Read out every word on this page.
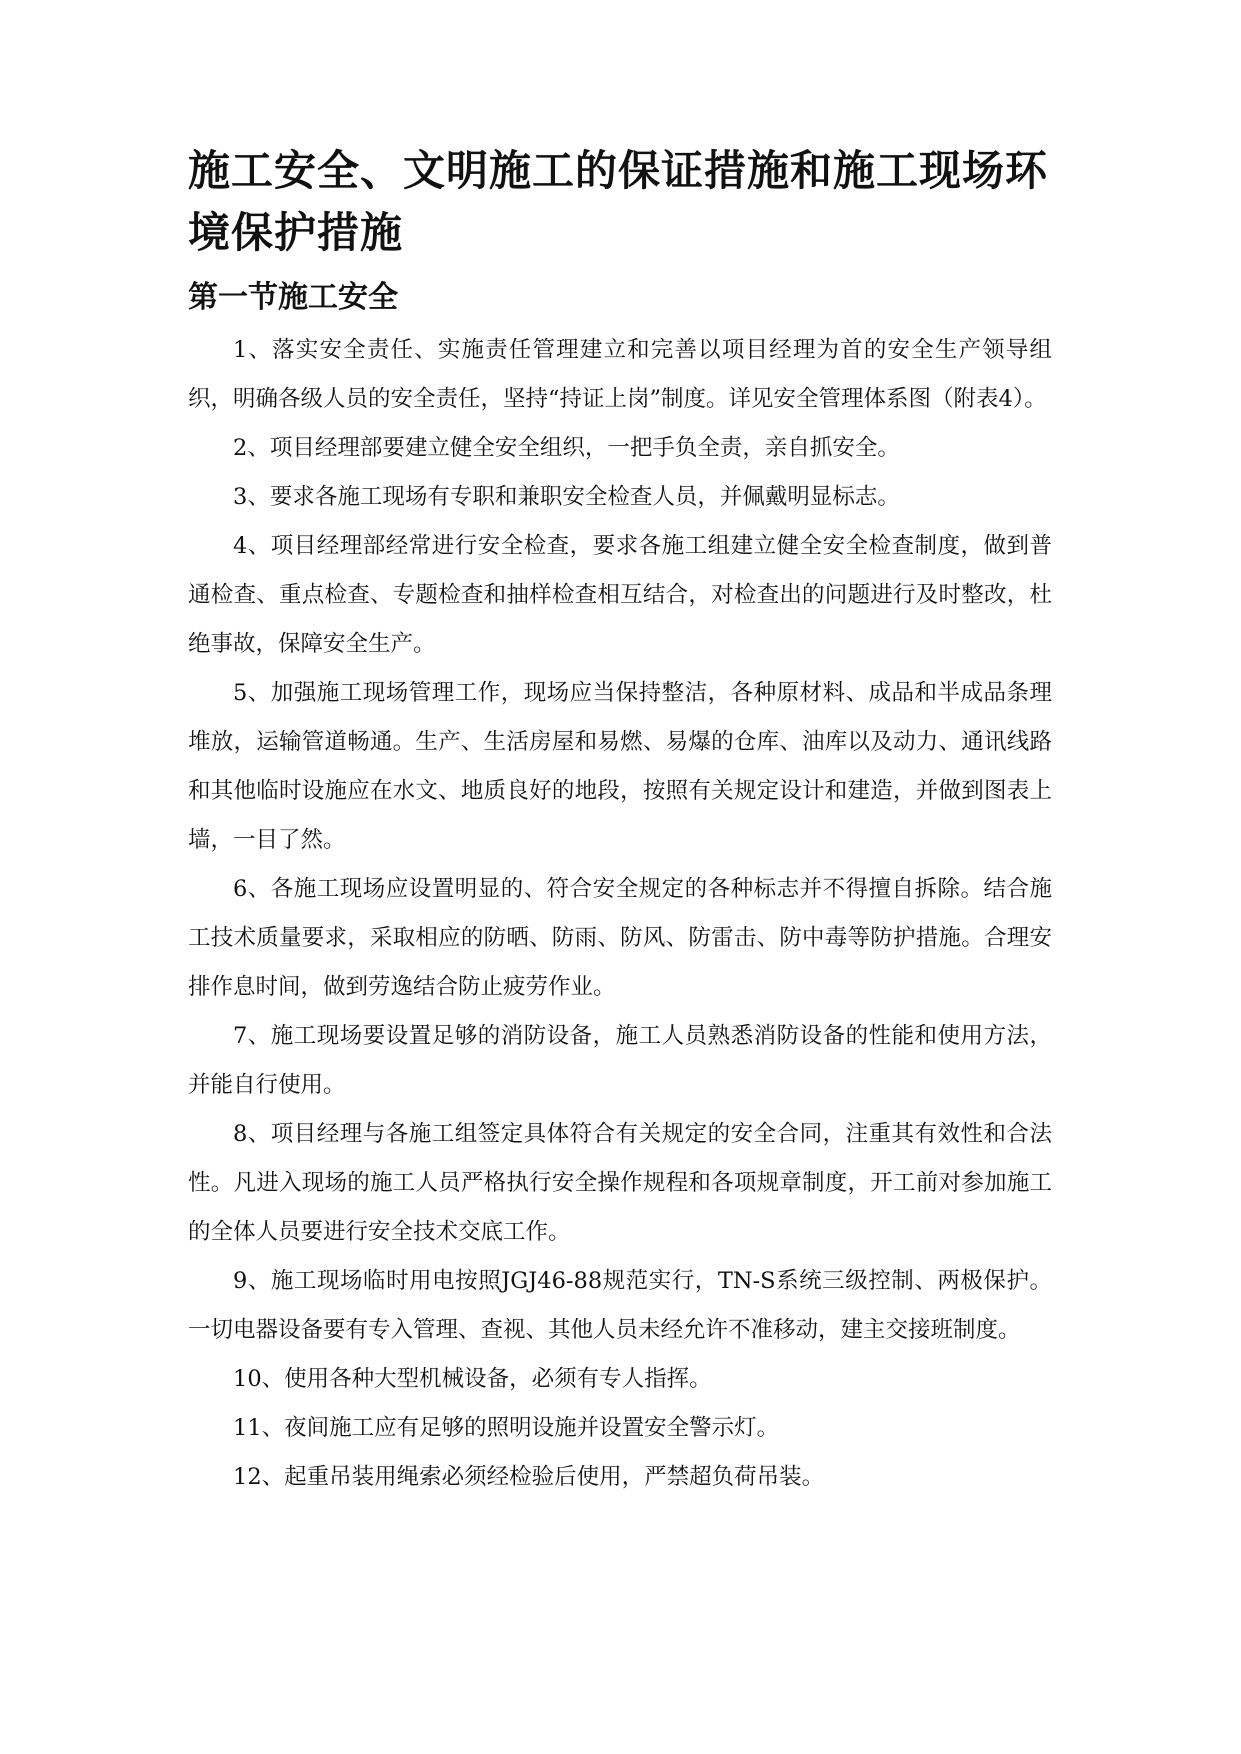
施工安全、文明施工的保证措施和施工现场环境保护措施
第一节施工安全

1、落实安全责任、实施责任管理建立和完善以项目经理为首的安全生产领导组织，明确各级人员的安全责任，坚持“持证上岗”制度。详见安全管理体系图（附表4）。

2、项目经理部要建立健全安全组织，一把手负全责，亲自抓安全。

3、要求各施工现场有专职和兼职安全检查人员，并佩戴明显标志。

4、项目经理部经常进行安全检查，要求各施工组建立健全安全检查制度，做到普通检查、重点检查、专题检查和抽样检查相互结合，对检查出的问题进行及时整改，杜绝事故，保障安全生产。

5、加强施工现场管理工作，现场应当保持整洁，各种原材料、成品和半成品条理堆放，运输管道畅通。生产、生活房屋和易燃、易爆的仓库、油库以及动力、通讯线路和其他临时设施应在水文、地质良好的地段，按照有关规定设计和建造，并做到图表上墙，一目了然。

6、各施工现场应设置明显的、符合安全规定的各种标志并不得擅自拆除。结合施工技术质量要求，采取相应的防晒、防雨、防风、防雷击、防中毒等防护措施。合理安排作息时间，做到劳逸结合防止疲劳作业。

7、施工现场要设置足够的消防设备，施工人员熟悉消防设备的性能和使用方法，并能自行使用。

8、项目经理与各施工组签定具体符合有关规定的安全合同，注重其有效性和合法性。凡进入现场的施工人员严格执行安全操作规程和各项规章制度，开工前对参加施工的全体人员要进行安全技术交底工作。

9、施工现场临时用电按照JGJ46-88规范实行，TN-S系统三级控制、两极保护。一切电器设备要有专入管理、查视、其他人员未经允许不准移动，建主交接班制度。

10、使用各种大型机械设备，必须有专人指挥。

11、夜间施工应有足够的照明设施并设置安全警示灯。

12、起重吊装用绳索必须经检验后使用，严禁超负荷吊装。
